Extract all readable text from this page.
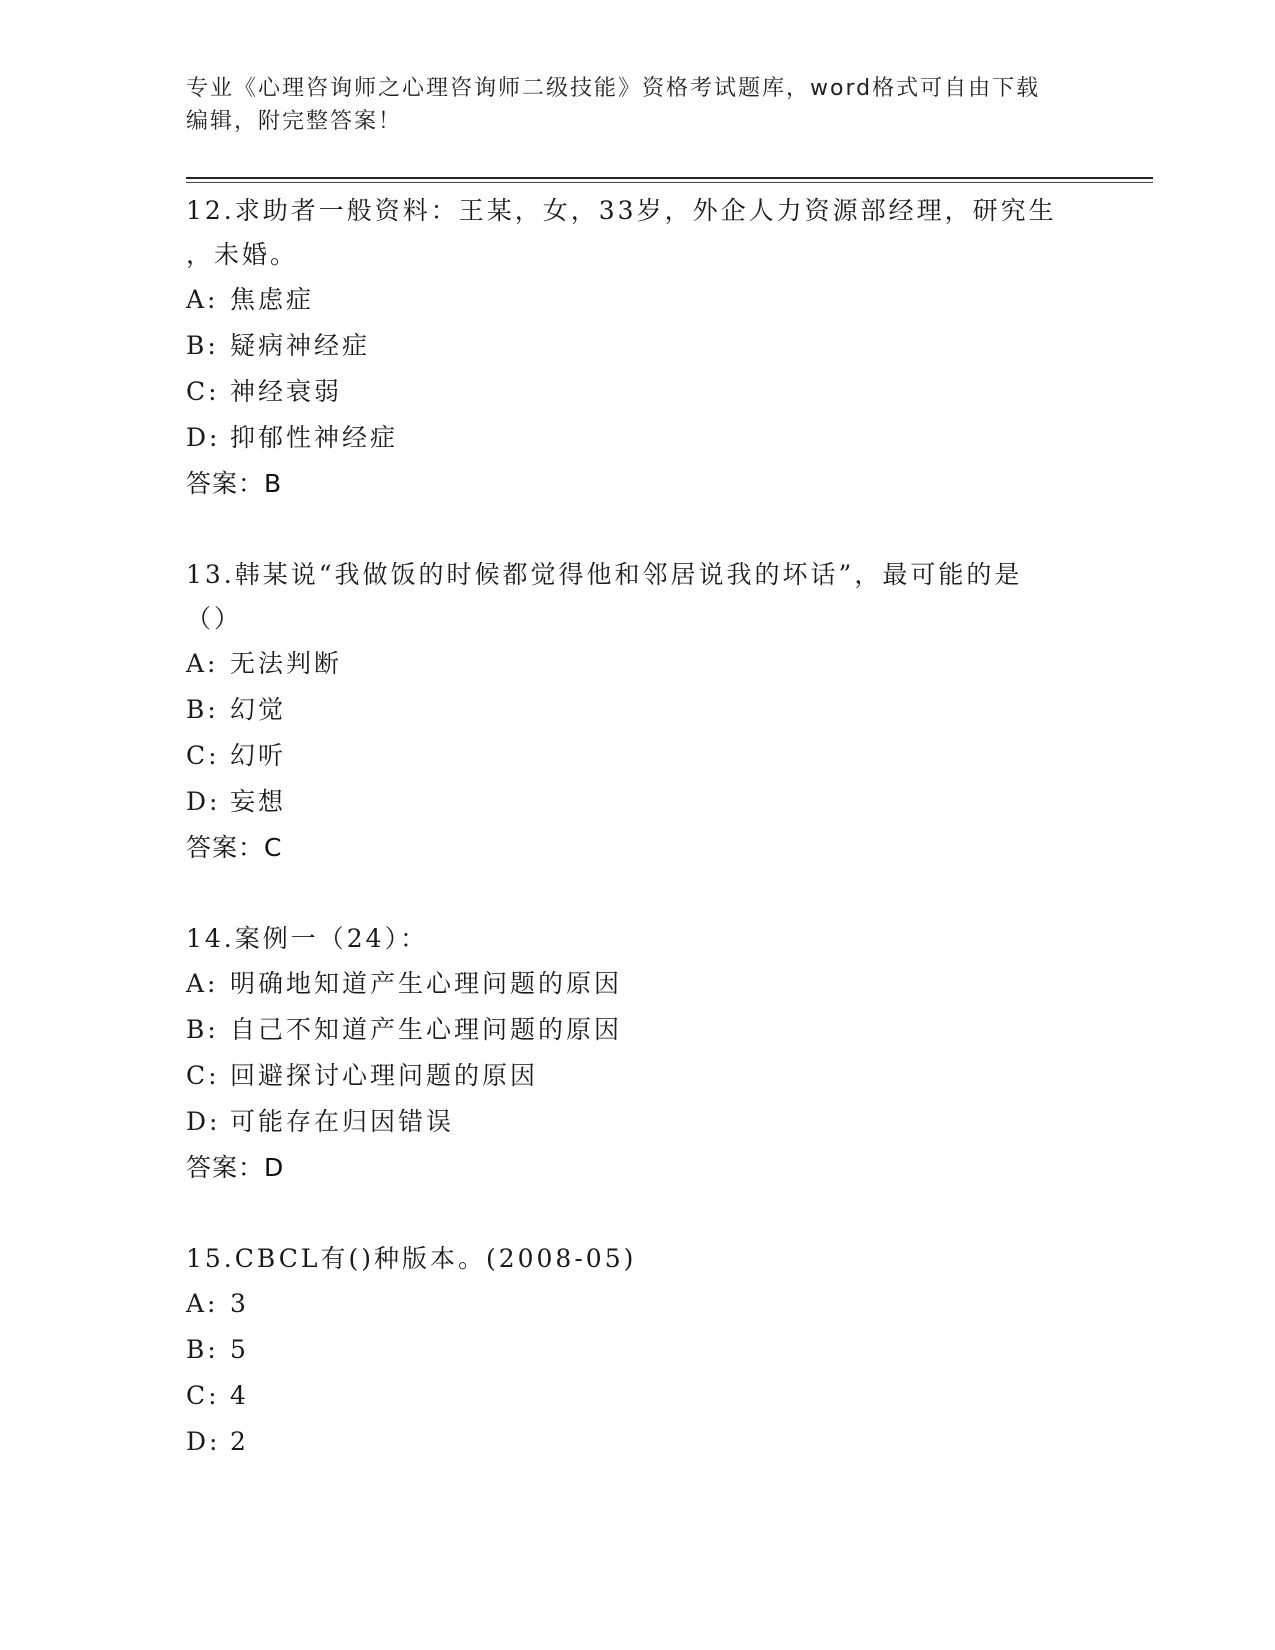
专业《心理咨询师之心理咨询师二级技能》资格考试题库，word格式可自由下载
编辑，附完整答案！
12.求助者一般资料：王某，女，33岁，外企人力资源部经理，研究生
，未婚。
A: 焦虑症
B: 疑病神经症
C: 神经衰弱
D: 抑郁性神经症
答案：B
13.韩某说“我做饭的时候都觉得他和邻居说我的坏话”，最可能的是
（）
A: 无法判断
B: 幻觉
C: 幻听
D: 妄想
答案：C
14.案例一（24）：
A: 明确地知道产生心理问题的原因
B: 自己不知道产生心理问题的原因
C: 回避探讨心理问题的原因
D: 可能存在归因错误
答案：D
15.CBCL有()种版本。(2008-05)
A: 3
B: 5
C: 4
D: 2
